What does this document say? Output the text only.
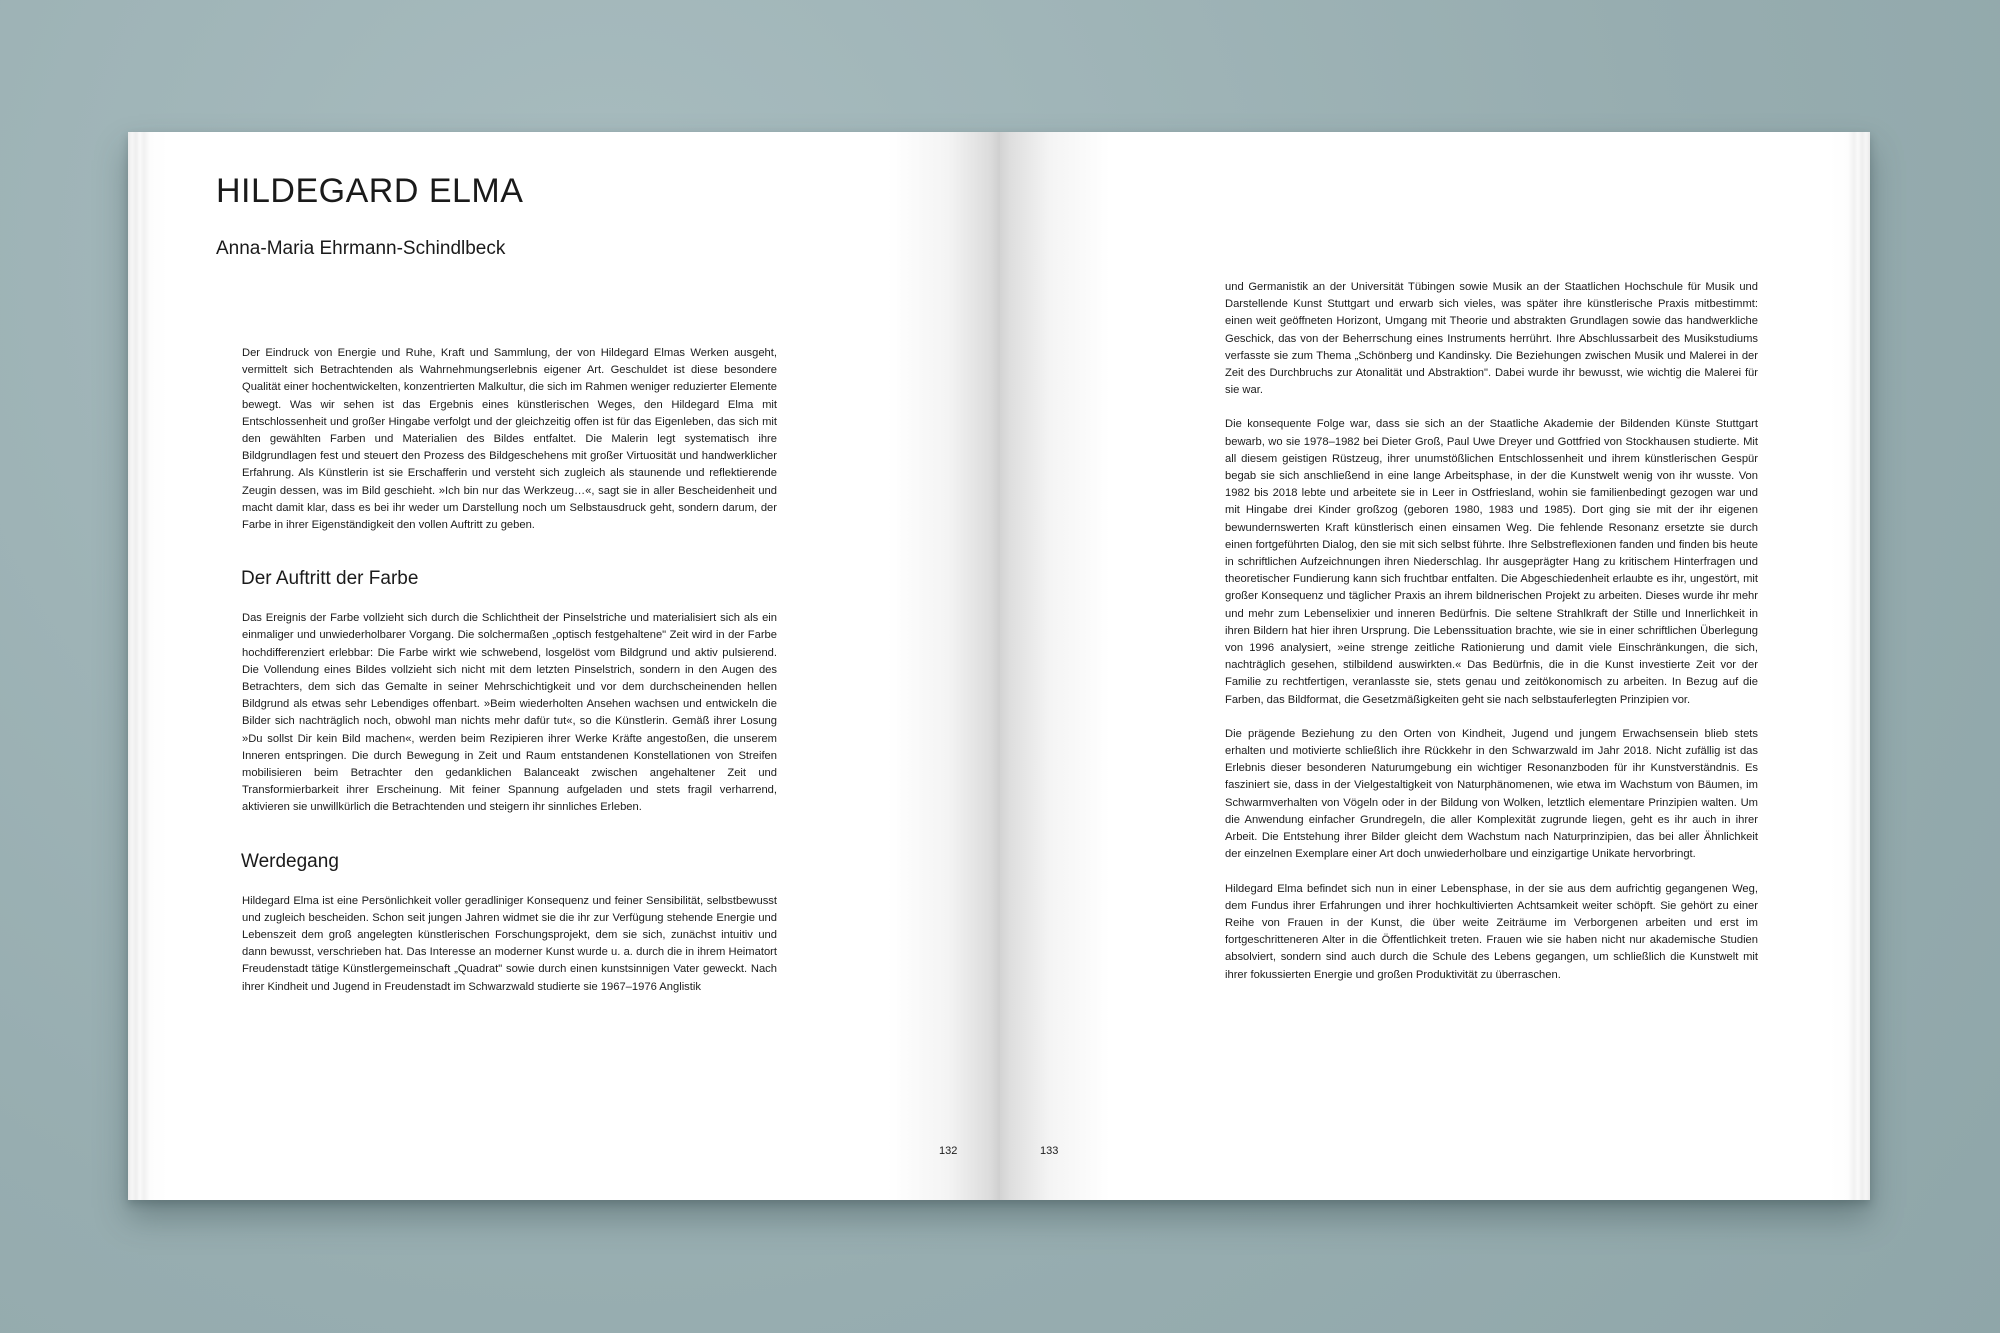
HILDEGARD ELMA
Anna-Maria Ehrmann-Schindlbeck

Der Eindruck von Energie und Ruhe, Kraft und Sammlung, der von Hildegard Elmas Werken ausgeht, vermittelt sich Betrachtenden als Wahrnehmungserlebnis eigener Art. Geschuldet ist diese besondere Qualität einer hochentwickelten, konzentrierten Malkultur, die sich im Rahmen weniger reduzierter Elemente bewegt. Was wir sehen ist das Ergebnis eines künstlerischen Weges, den Hildegard Elma mit Entschlossenheit und großer Hingabe verfolgt und der gleichzeitig offen ist für das Eigenleben, das sich mit den gewählten Farben und Materialien des Bildes entfaltet. Die Malerin legt systematisch ihre Bildgrundlagen fest und steuert den Prozess des Bildgeschehens mit großer Virtuosität und handwerklicher Erfahrung. Als Künstlerin ist sie Erschafferin und versteht sich zugleich als staunende und reflektierende Zeugin dessen, was im Bild geschieht. »Ich bin nur das Werkzeug…«, sagt sie in aller Bescheidenheit und macht damit klar, dass es bei ihr weder um Darstellung noch um Selbstausdruck geht, sondern darum, der Farbe in ihrer Eigenständigkeit den vollen Auftritt zu geben.

Der Auftritt der Farbe

Das Ereignis der Farbe vollzieht sich durch die Schlichtheit der Pinselstriche und materialisiert sich als ein einmaliger und unwiederholbarer Vorgang. Die solchermaßen „optisch festgehaltene" Zeit wird in der Farbe hochdifferenziert erlebbar: Die Farbe wirkt wie schwebend, losgelöst vom Bildgrund und aktiv pulsierend. Die Vollendung eines Bildes vollzieht sich nicht mit dem letzten Pinselstrich, sondern in den Augen des Betrachters, dem sich das Gemalte in seiner Mehrschichtigkeit und vor dem durchscheinenden hellen Bildgrund als etwas sehr Lebendiges offenbart. »Beim wiederholten Ansehen wachsen und entwickeln die Bilder sich nachträglich noch, obwohl man nichts mehr dafür tut«, so die Künstlerin. Gemäß ihrer Losung »Du sollst Dir kein Bild machen«, werden beim Rezipieren ihrer Werke Kräfte angestoßen, die unserem Inneren entspringen. Die durch Bewegung in Zeit und Raum entstandenen Konstellationen von Streifen mobilisieren beim Betrachter den gedanklichen Balanceakt zwischen angehaltener Zeit und Transformierbarkeit ihrer Erscheinung. Mit feiner Spannung aufgeladen und stets fragil verharrend, aktivieren sie unwillkürlich die Betrachtenden und steigern ihr sinnliches Erleben.

Werdegang

Hildegard Elma ist eine Persönlichkeit voller geradliniger Konsequenz und feiner Sensibilität, selbstbewusst und zugleich bescheiden. Schon seit jungen Jahren widmet sie die ihr zur Verfügung stehende Energie und Lebenszeit dem groß angelegten künstlerischen Forschungsprojekt, dem sie sich, zunächst intuitiv und dann bewusst, verschrieben hat. Das Interesse an moderner Kunst wurde u. a. durch die in ihrem Heimatort Freudenstadt tätige Künstlergemeinschaft „Quadrat" sowie durch einen kunstsinnigen Vater geweckt. Nach ihrer Kindheit und Jugend in Freudenstadt im Schwarzwald studierte sie 1967–1976 Anglistik

132

und Germanistik an der Universität Tübingen sowie Musik an der Staatlichen Hochschule für Musik und Darstellende Kunst Stuttgart und erwarb sich vieles, was später ihre künstlerische Praxis mitbestimmt: einen weit geöffneten Horizont, Umgang mit Theorie und abstrakten Grundlagen sowie das handwerkliche Geschick, das von der Beherrschung eines Instruments herrührt. Ihre Abschlussarbeit des Musikstudiums verfasste sie zum Thema „Schönberg und Kandinsky. Die Beziehungen zwischen Musik und Malerei in der Zeit des Durchbruchs zur Atonalität und Abstraktion". Dabei wurde ihr bewusst, wie wichtig die Malerei für sie war.

Die konsequente Folge war, dass sie sich an der Staatliche Akademie der Bildenden Künste Stuttgart bewarb, wo sie 1978–1982 bei Dieter Groß, Paul Uwe Dreyer und Gottfried von Stockhausen studierte. Mit all diesem geistigen Rüstzeug, ihrer unumstößlichen Entschlossenheit und ihrem künstlerischen Gespür begab sie sich anschließend in eine lange Arbeitsphase, in der die Kunstwelt wenig von ihr wusste. Von 1982 bis 2018 lebte und arbeitete sie in Leer in Ostfriesland, wohin sie familienbedingt gezogen war und mit Hingabe drei Kinder großzog (geboren 1980, 1983 und 1985). Dort ging sie mit der ihr eigenen bewundernswerten Kraft künstlerisch einen einsamen Weg. Die fehlende Resonanz ersetzte sie durch einen fortgeführten Dialog, den sie mit sich selbst führte. Ihre Selbstreflexionen fanden und finden bis heute in schriftlichen Aufzeichnungen ihren Niederschlag. Ihr ausgeprägter Hang zu kritischem Hinterfragen und theoretischer Fundierung kann sich fruchtbar entfalten. Die Abgeschiedenheit erlaubte es ihr, ungestört, mit großer Konsequenz und täglicher Praxis an ihrem bildnerischen Projekt zu arbeiten. Dieses wurde ihr mehr und mehr zum Lebenselixier und inneren Bedürfnis. Die seltene Strahlkraft der Stille und Innerlichkeit in ihren Bildern hat hier ihren Ursprung. Die Lebenssituation brachte, wie sie in einer schriftlichen Überlegung von 1996 analysiert, »eine strenge zeitliche Rationierung und damit viele Einschränkungen, die sich, nachträglich gesehen, stilbildend auswirkten.« Das Bedürfnis, die in die Kunst investierte Zeit vor der Familie zu rechtfertigen, veranlasste sie, stets genau und zeitökonomisch zu arbeiten. In Bezug auf die Farben, das Bildformat, die Gesetzmäßigkeiten geht sie nach selbstauferlegten Prinzipien vor.

Die prägende Beziehung zu den Orten von Kindheit, Jugend und jungem Erwachsensein blieb stets erhalten und motivierte schließlich ihre Rückkehr in den Schwarzwald im Jahr 2018. Nicht zufällig ist das Erlebnis dieser besonderen Naturumgebung ein wichtiger Resonanzboden für ihr Kunstverständnis. Es fasziniert sie, dass in der Vielgestaltigkeit von Naturphänomenen, wie etwa im Wachstum von Bäumen, im Schwarmverhalten von Vögeln oder in der Bildung von Wolken, letztlich elementare Prinzipien walten. Um die Anwendung einfacher Grundregeln, die aller Komplexität zugrunde liegen, geht es ihr auch in ihrer Arbeit. Die Entstehung ihrer Bilder gleicht dem Wachstum nach Naturprinzipien, das bei aller Ähnlichkeit der einzelnen Exemplare einer Art doch unwiederholbare und einzigartige Unikate hervorbringt.

Hildegard Elma befindet sich nun in einer Lebensphase, in der sie aus dem aufrichtig gegangenen Weg, dem Fundus ihrer Erfahrungen und ihrer hochkultivierten Achtsamkeit weiter schöpft. Sie gehört zu einer Reihe von Frauen in der Kunst, die über weite Zeiträume im Verborgenen arbeiten und erst im fortgeschritteneren Alter in die Öffentlichkeit treten. Frauen wie sie haben nicht nur akademische Studien absolviert, sondern sind auch durch die Schule des Lebens gegangen, um schließlich die Kunstwelt mit ihrer fokussierten Energie und großen Produktivität zu überraschen.

133
